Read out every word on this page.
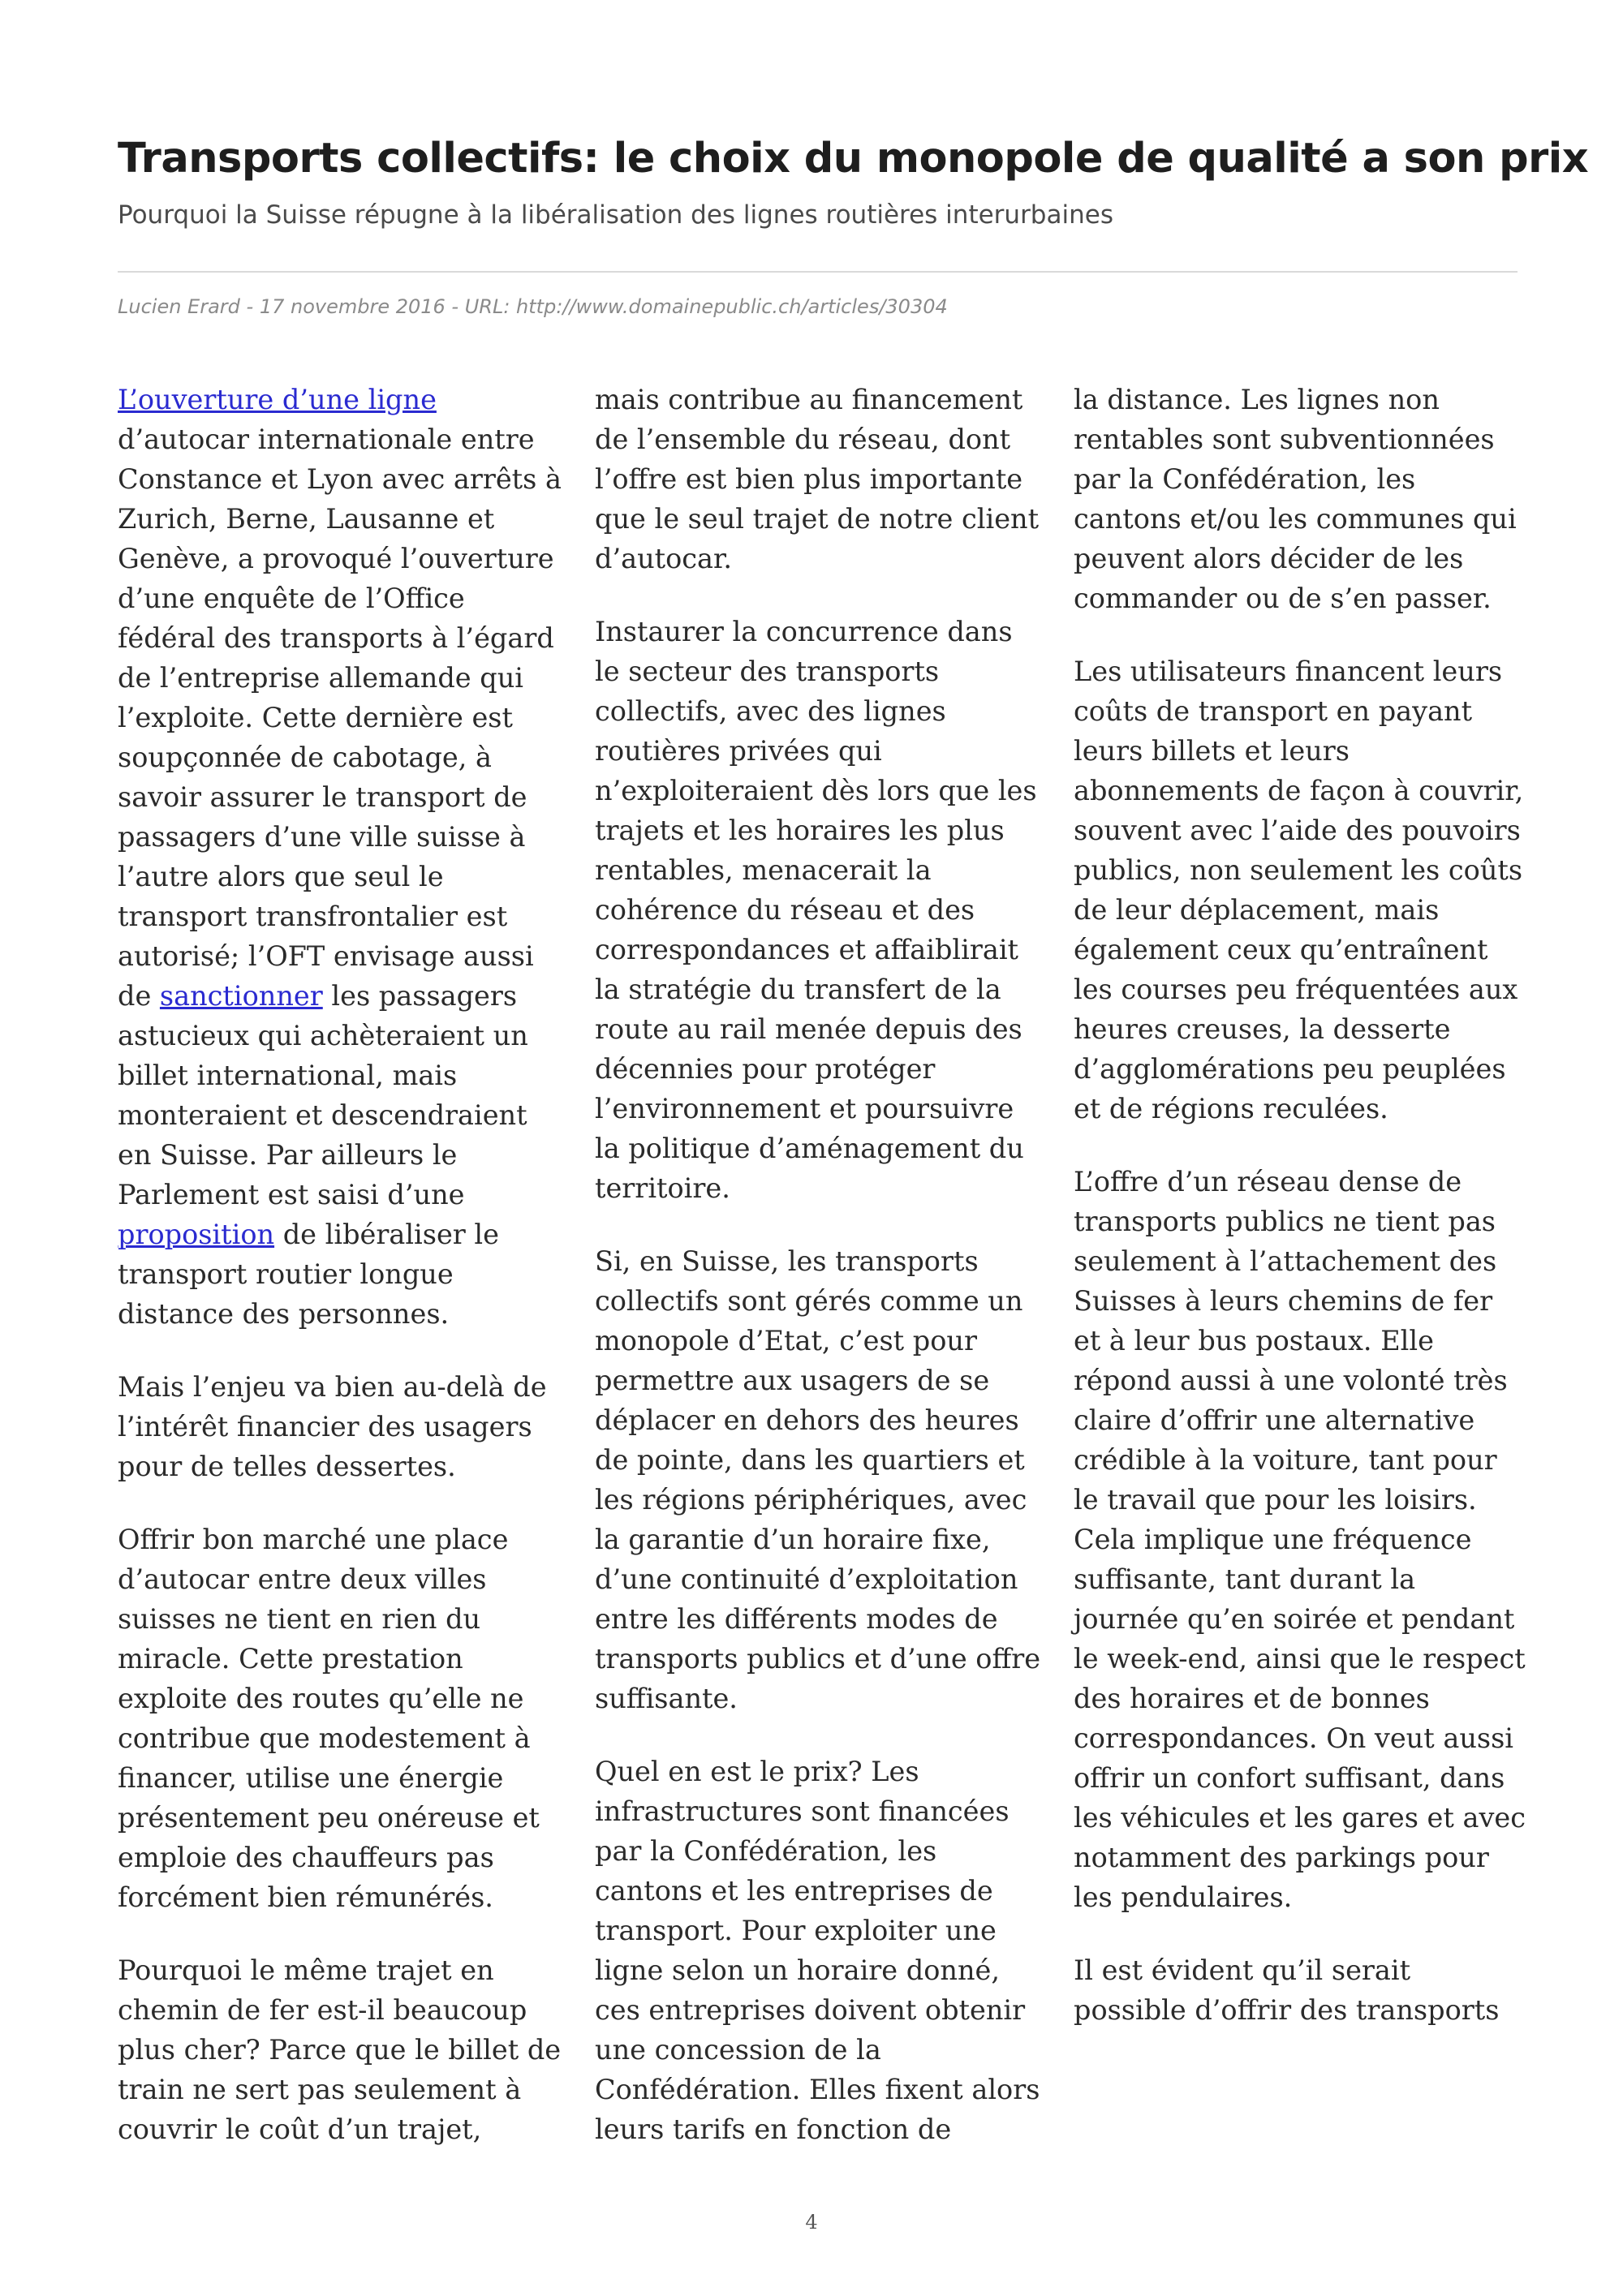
Transports collectifs: le choix du monopole de qualité a son prix

Pourquoi la Suisse répugne à la libéralisation des lignes routières interurbaines

Lucien Erard - 17 novembre 2016 - URL: http://www.domainepublic.ch/articles/30304

L’ouverture d’une ligne d’autocar internationale entre Constance et Lyon avec arrêts à Zurich, Berne, Lausanne et Genève, a provoqué l’ouverture d’une enquête de l’Office fédéral des transports à l’égard de l’entreprise allemande qui l’exploite. Cette dernière est soupçonnée de cabotage, à savoir assurer le transport de passagers d’une ville suisse à l’autre alors que seul le transport transfrontalier est autorisé; l’OFT envisage aussi de sanctionner les passagers astucieux qui achèteraient un billet international, mais monteraient et descendraient en Suisse. Par ailleurs le Parlement est saisi d’une proposition de libéraliser le transport routier longue distance des personnes.

Mais l’enjeu va bien au-delà de l’intérêt financier des usagers pour de telles dessertes.

Offrir bon marché une place d’autocar entre deux villes suisses ne tient en rien du miracle. Cette prestation exploite des routes qu’elle ne contribue que modestement à financer, utilise une énergie présentement peu onéreuse et emploie des chauffeurs pas forcément bien rémunérés.

Pourquoi le même trajet en chemin de fer est-il beaucoup plus cher? Parce que le billet de train ne sert pas seulement à couvrir le coût d’un trajet,

mais contribue au financement de l’ensemble du réseau, dont l’offre est bien plus importante que le seul trajet de notre client d’autocar.

Instaurer la concurrence dans le secteur des transports collectifs, avec des lignes routières privées qui n’exploiteraient dès lors que les trajets et les horaires les plus rentables, menacerait la cohérence du réseau et des correspondances et affaiblirait la stratégie du transfert de la route au rail menée depuis des décennies pour protéger l’environnement et poursuivre la politique d’aménagement du territoire.

Si, en Suisse, les transports collectifs sont gérés comme un monopole d’Etat, c’est pour permettre aux usagers de se déplacer en dehors des heures de pointe, dans les quartiers et les régions périphériques, avec la garantie d’un horaire fixe, d’une continuité d’exploitation entre les différents modes de transports publics et d’une offre suffisante.

Quel en est le prix? Les infrastructures sont financées par la Confédération, les cantons et les entreprises de transport. Pour exploiter une ligne selon un horaire donné, ces entreprises doivent obtenir une concession de la Confédération. Elles fixent alors leurs tarifs en fonction de

la distance. Les lignes non rentables sont subventionnées par la Confédération, les cantons et/ou les communes qui peuvent alors décider de les commander ou de s’en passer.

Les utilisateurs financent leurs coûts de transport en payant leurs billets et leurs abonnements de façon à couvrir, souvent avec l’aide des pouvoirs publics, non seulement les coûts de leur déplacement, mais également ceux qu’entraînent les courses peu fréquentées aux heures creuses, la desserte d’agglomérations peu peuplées et de régions reculées.

L’offre d’un réseau dense de transports publics ne tient pas seulement à l’attachement des Suisses à leurs chemins de fer et à leur bus postaux. Elle répond aussi à une volonté très claire d’offrir une alternative crédible à la voiture, tant pour le travail que pour les loisirs. Cela implique une fréquence suffisante, tant durant la journée qu’en soirée et pendant le week-end, ainsi que le respect des horaires et de bonnes correspondances. On veut aussi offrir un confort suffisant, dans les véhicules et les gares et avec notamment des parkings pour les pendulaires.

Il est évident qu’il serait possible d’offrir des transports

4
